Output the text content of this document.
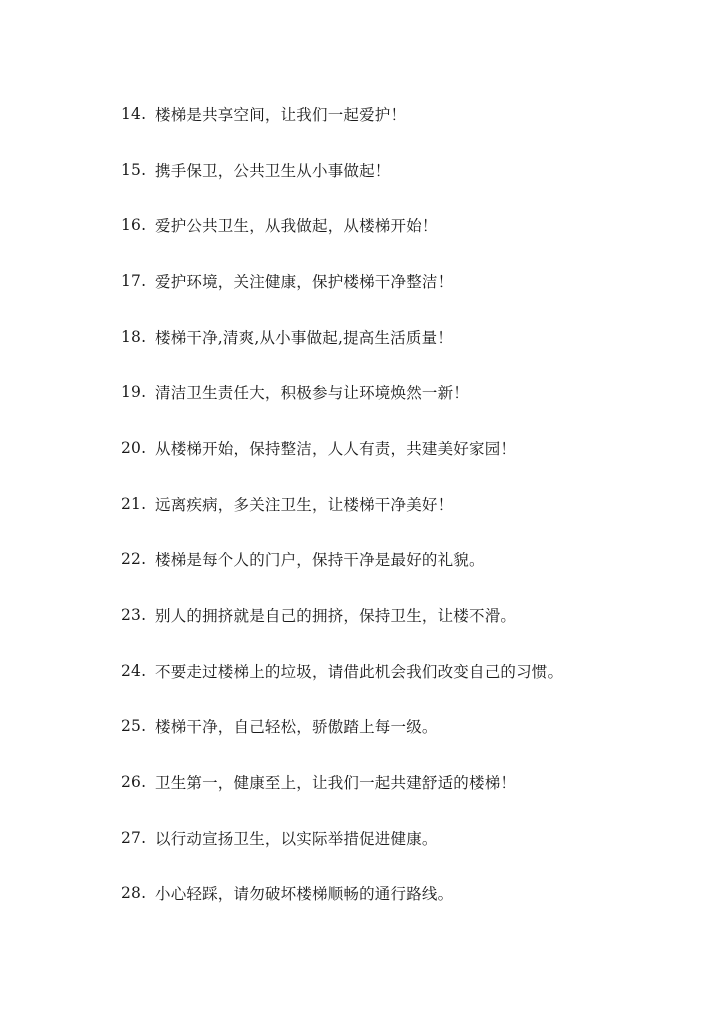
14. 楼梯是共享空间，让我们一起爱护！
15. 携手保卫，公共卫生从小事做起！
16. 爱护公共卫生，从我做起，从楼梯开始！
17. 爱护环境，关注健康，保护楼梯干净整洁！
18. 楼梯干净,清爽,从小事做起,提高生活质量！
19. 清洁卫生责任大，积极参与让环境焕然一新！
20. 从楼梯开始，保持整洁，人人有责，共建美好家园！
21. 远离疾病，多关注卫生，让楼梯干净美好！
22. 楼梯是每个人的门户，保持干净是最好的礼貌。
23. 别人的拥挤就是自己的拥挤，保持卫生，让楼不滑。
24. 不要走过楼梯上的垃圾，请借此机会我们改变自己的习惯。
25. 楼梯干净，自己轻松，骄傲踏上每一级。
26. 卫生第一，健康至上，让我们一起共建舒适的楼梯！
27. 以行动宣扬卫生，以实际举措促进健康。
28. 小心轻踩，请勿破坏楼梯顺畅的通行路线。
